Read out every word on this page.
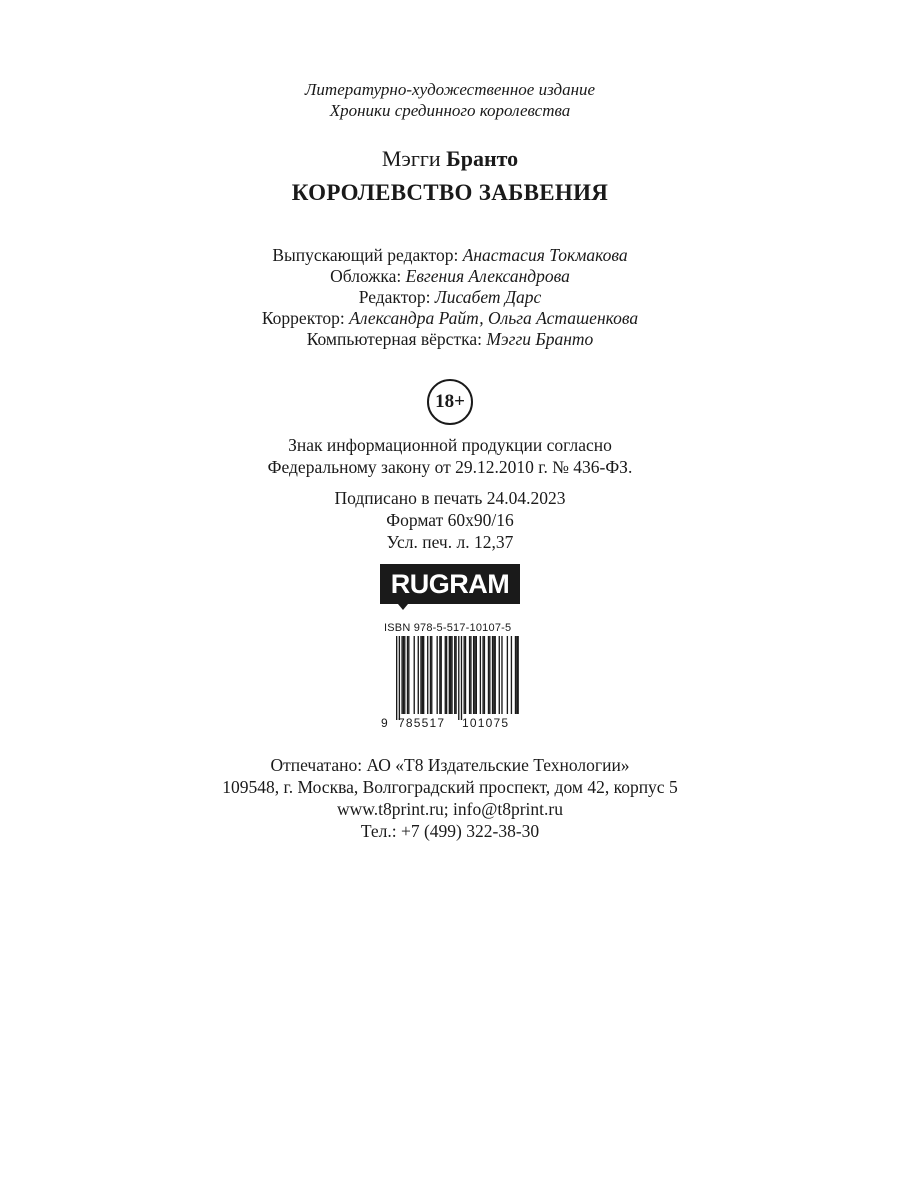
Литературно-художественное издание
Хроники срединного королевства
Мэгги Бранто
КОРОЛЕВСТВО ЗАБВЕНИЯ
Выпускающий редактор: Анастасия Токмакова
Обложка: Евгения Александрова
Редактор: Лисабет Дарс
Корректор: Александра Райт, Ольга Асташенкова
Компьютерная вёрстка: Мэгги Бранто
18+
Знак информационной продукции согласно
Федеральному закону от 29.12.2010 г. № 436-ФЗ.
Подписано в печать 24.04.2023
Формат 60х90/16
Усл. печ. л. 12,37
RUGRAM
ISBN 978-5-517-10107-5
9 785517 101075
Отпечатано: АО «Т8 Издательские Технологии»
109548, г. Москва, Волгоградский проспект, дом 42, корпус 5
www.t8print.ru; info@t8print.ru
Тел.: +7 (499) 322-38-30
